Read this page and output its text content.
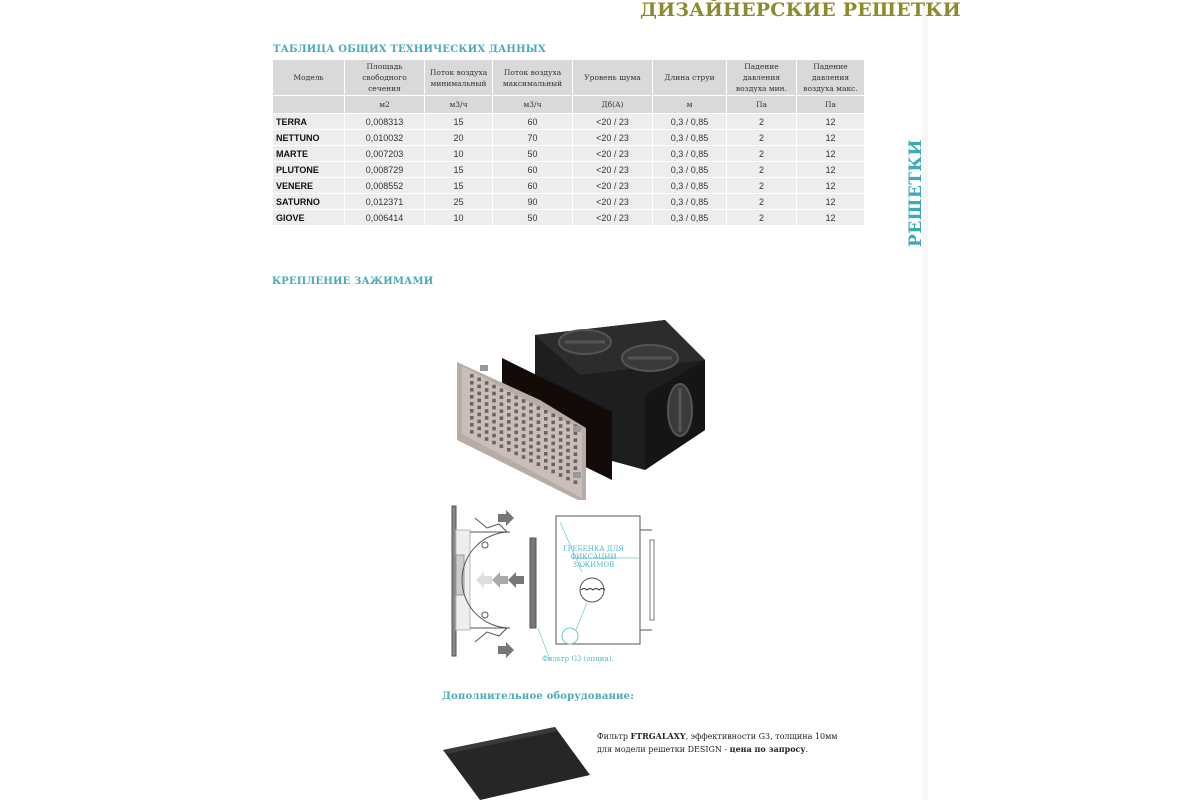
ДИЗАЙНЕРСКИЕ РЕШЕТКИ
РЕШЕТКИ
ТАБЛИЦА ОБЩИХ ТЕХНИЧЕСКИХ ДАННЫХ
Модель	Площадь свободного сечения	Поток воздуха минимальный	Поток воздуха максимальный	Уровень шума	Длина струи	Падение давления воздуха мин.	Падение давления воздуха макс.
	м2	м3/ч	м3/ч	Дб(A)	м	Па	Па
TERRA	0,008313	15	60	<20 / 23	0,3 / 0,85	2	12
NETTUNO	0,010032	20	70	<20 / 23	0,3 / 0,85	2	12
MARTE	0,007203	10	50	<20 / 23	0,3 / 0,85	2	12
PLUTONE	0,008729	15	60	<20 / 23	0,3 / 0,85	2	12
VENERE	0,008552	15	60	<20 / 23	0,3 / 0,85	2	12
SATURNO	0,012371	25	90	<20 / 23	0,3 / 0,85	2	12
GIOVE	0,006414	10	50	<20 / 23	0,3 / 0,85	2	12
КРЕПЛЕНИЕ ЗАЖИМАМИ
ГРЕБЕНКА ДЛЯ
ФИКСАЦИИ
ЗАЖИМОВ
Фильтр G3 (опция).
Дополнительное оборудование:
Фильтр FTRGALAXY, эффективности G3, толщина 10мм
для модели решетки DESIGN - цена по запросу.
